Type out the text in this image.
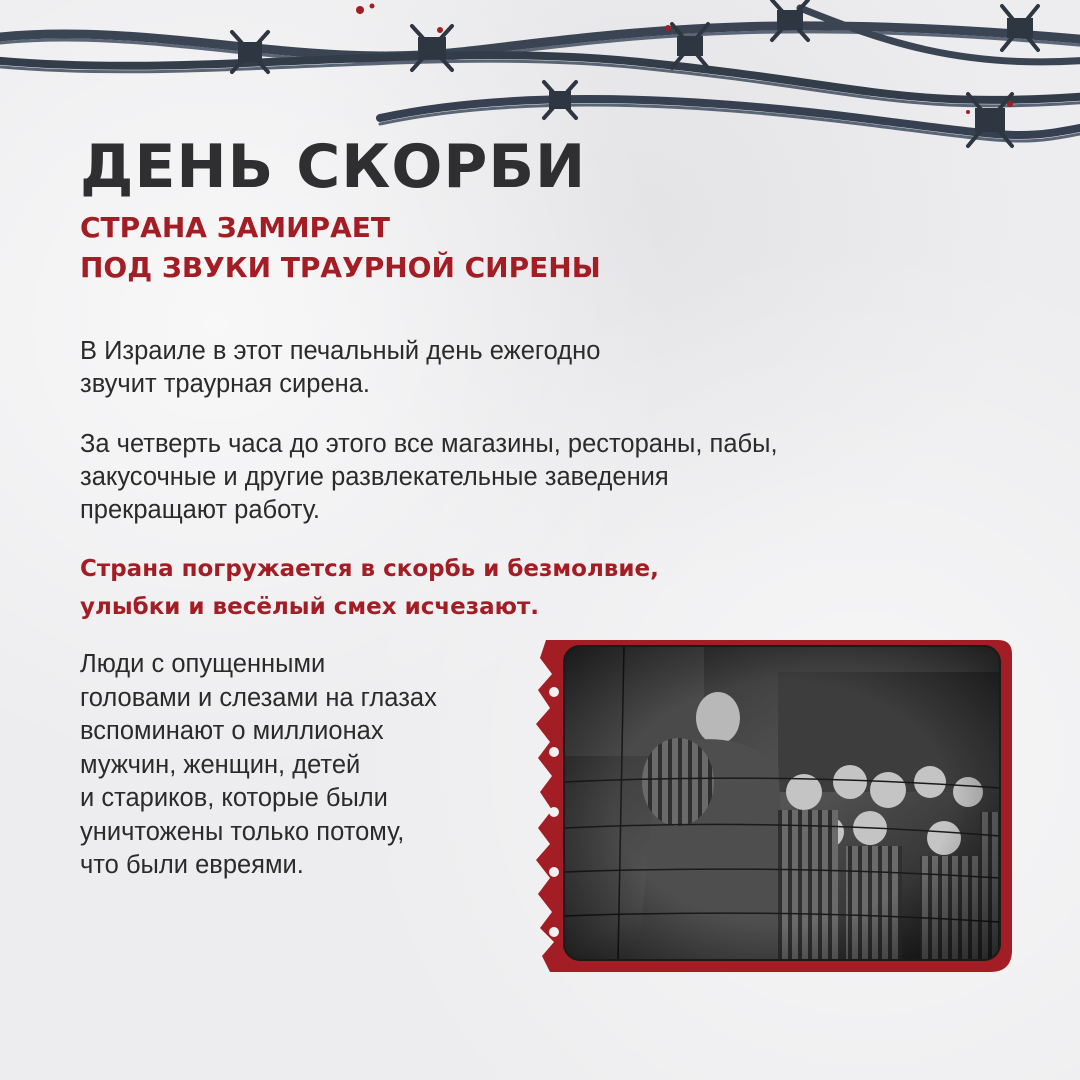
ДЕНЬ СКОРБИ
СТРАНА ЗАМИРАЕТ
ПОД ЗВУКИ ТРАУРНОЙ СИРЕНЫ

В Израиле в этот печальный день ежегодно
звучит траурная сирена.

За четверть часа до этого все магазины, рестораны, пабы,
закусочные и другие развлекательные заведения
прекращают работу.

Страна погружается в скорбь и безмолвие,
улыбки и весёлый смех исчезают.

Люди с опущенными
головами и слезами на глазах
вспоминают о миллионах
мужчин, женщин, детей
и стариков, которые были
уничтожены только потому,
что были евреями.
